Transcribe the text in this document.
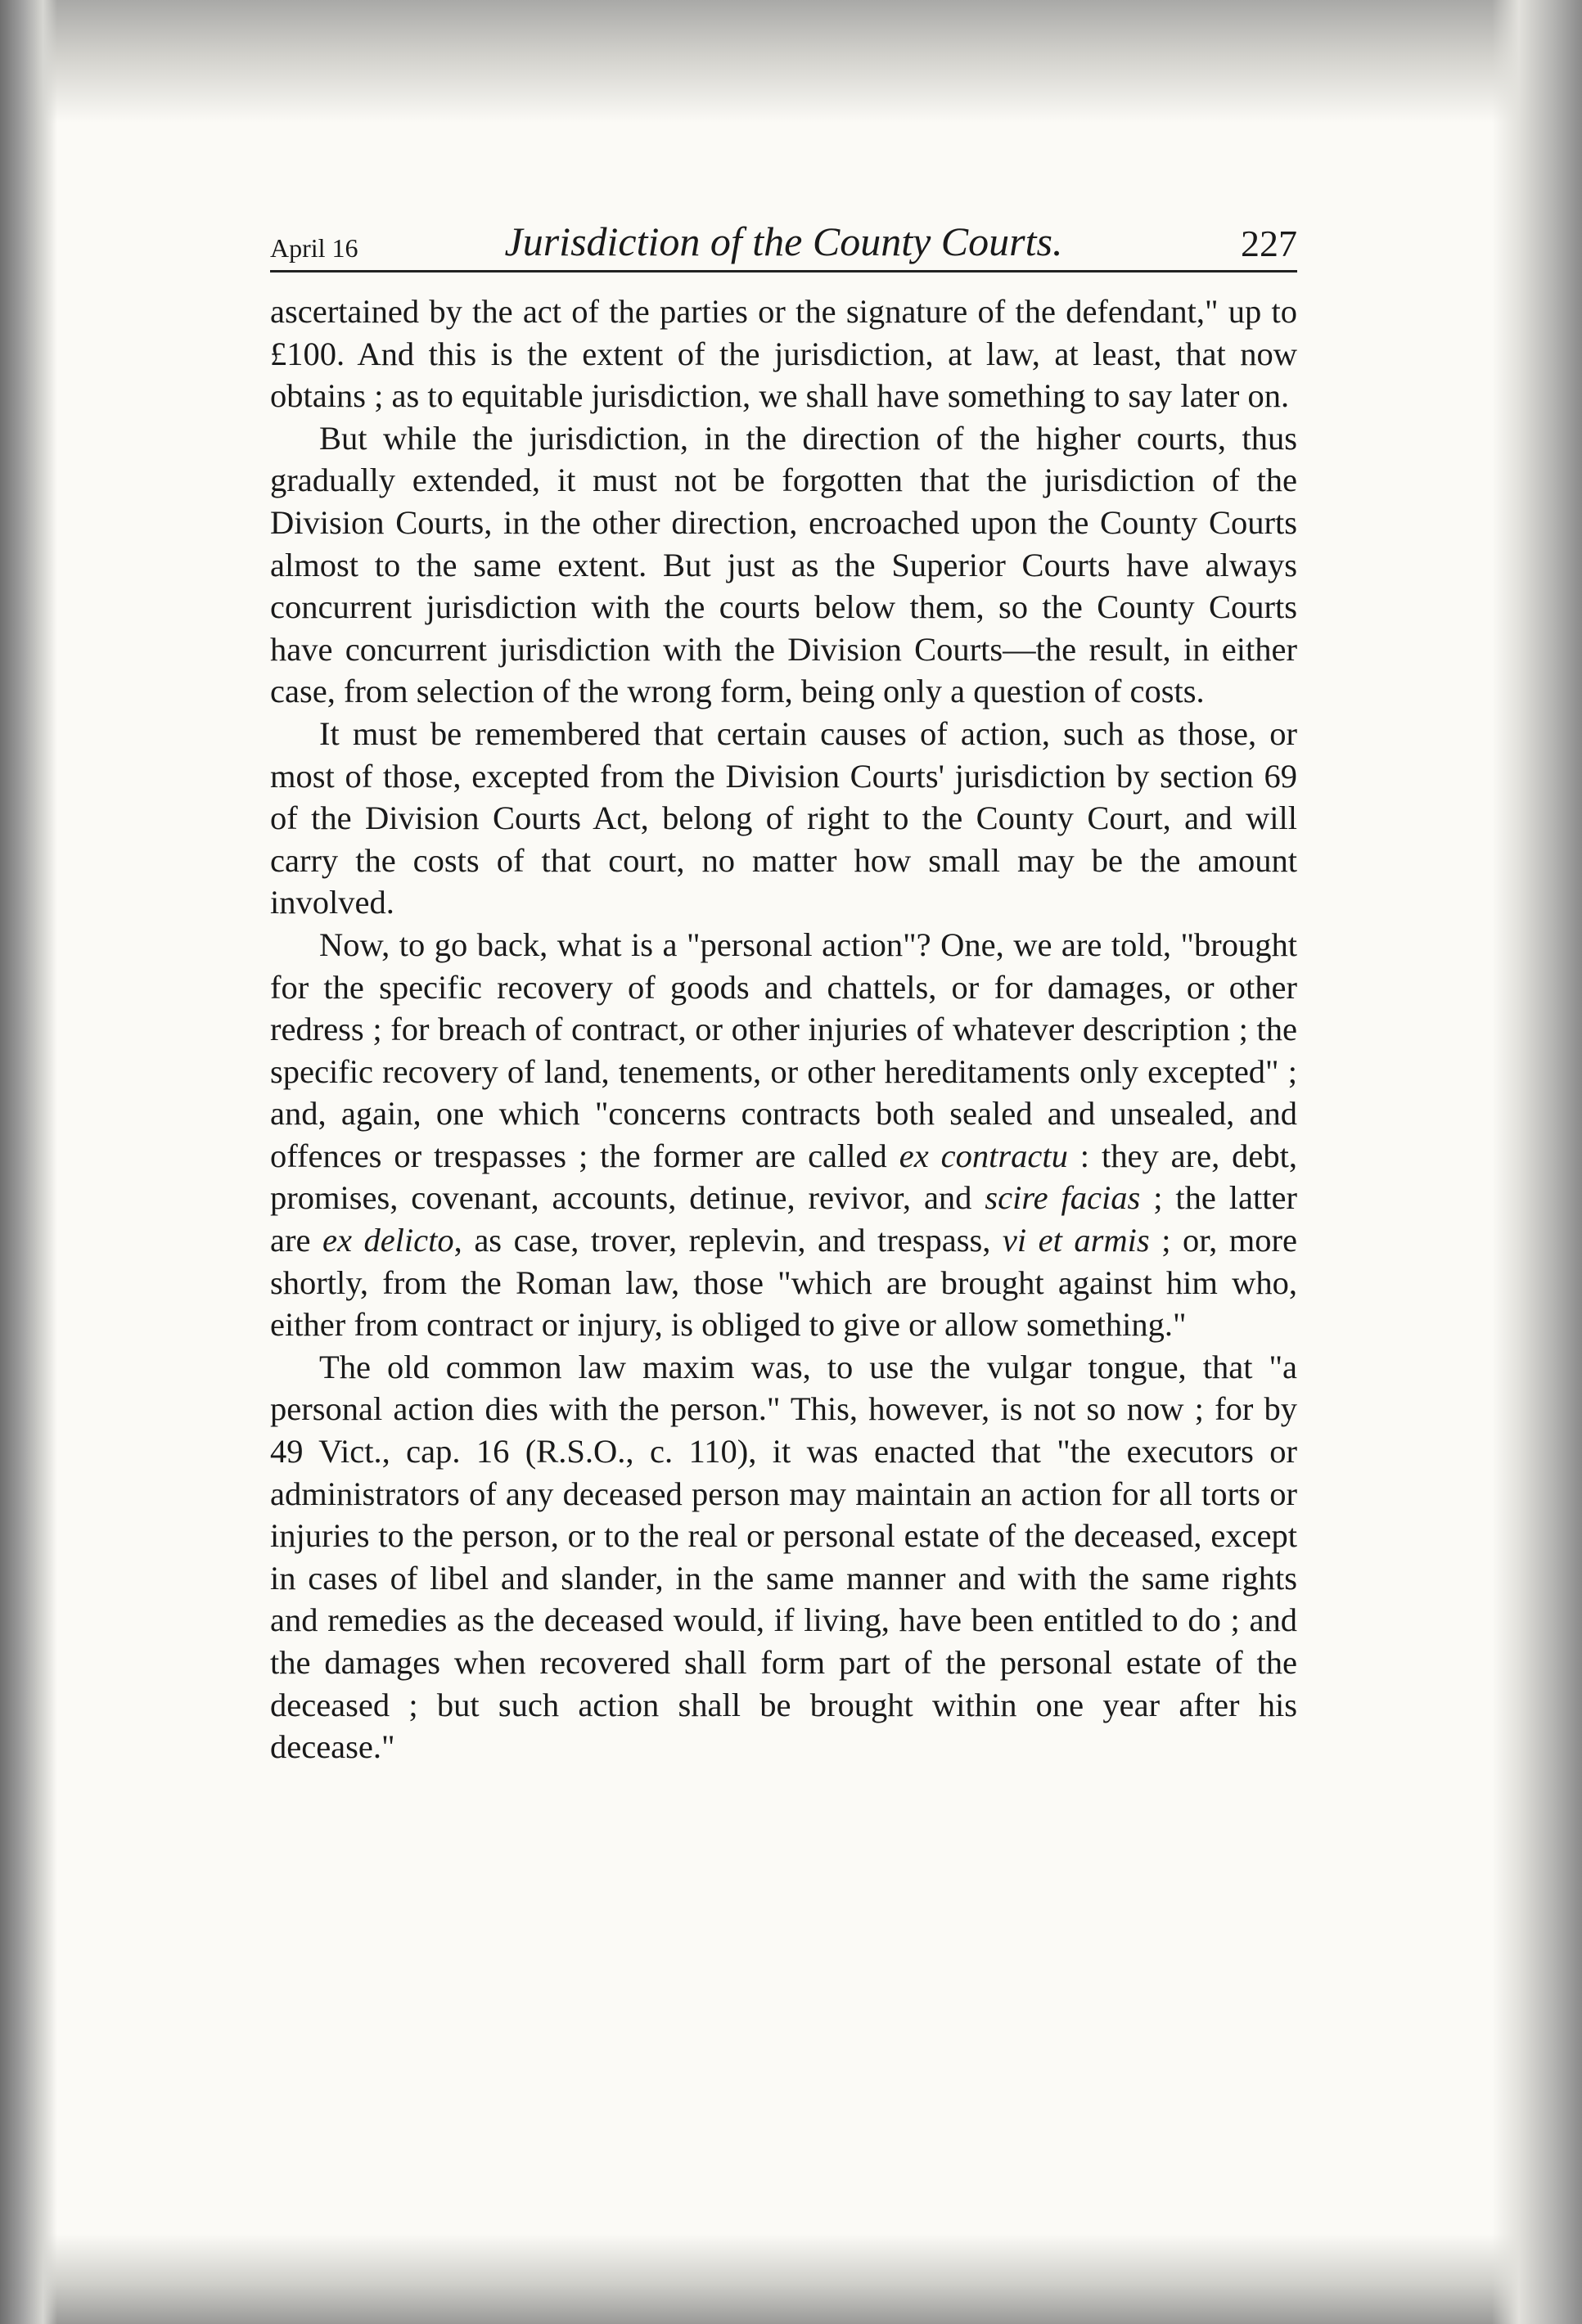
April 16	Jurisdiction of the County Courts.	227

ascertained by the act of the parties or the signature of the defendant," up to £100. And this is the extent of the jurisdiction, at law, at least, that now obtains ; as to equitable jurisdiction, we shall have something to say later on.

But while the jurisdiction, in the direction of the higher courts, thus gradually extended, it must not be forgotten that the jurisdiction of the Division Courts, in the other direction, encroached upon the County Courts almost to the same extent. But just as the Superior Courts have always concurrent jurisdiction with the courts below them, so the County Courts have concurrent jurisdiction with the Division Courts—the result, in either case, from selection of the wrong form, being only a question of costs.

It must be remembered that certain causes of action, such as those, or most of those, excepted from the Division Courts' jurisdiction by section 69 of the Division Courts Act, belong of right to the County Court, and will carry the costs of that court, no matter how small may be the amount involved.

Now, to go back, what is a "personal action"? One, we are told, "brought for the specific recovery of goods and chattels, or for damages, or other redress ; for breach of contract, or other injuries of whatever description ; the specific recovery of land, tenements, or other hereditaments only excepted" ; and, again, one which "concerns contracts both sealed and unsealed, and offences or trespasses ; the former are called ex contractu : they are, debt, promises, covenant, accounts, detinue, revivor, and scire facias ; the latter are ex delicto, as case, trover, replevin, and trespass, vi et armis ; or, more shortly, from the Roman law, those "which are brought against him who, either from contract or injury, is obliged to give or allow something."

The old common law maxim was, to use the vulgar tongue, that "a personal action dies with the person." This, however, is not so now ; for by 49 Vict., cap. 16 (R.S.O., c. 110), it was enacted that "the executors or administrators of any deceased person may maintain an action for all torts or injuries to the person, or to the real or personal estate of the deceased, except in cases of libel and slander, in the same manner and with the same rights and remedies as the deceased would, if living, have been entitled to do ; and the damages when recovered shall form part of the personal estate of the deceased ; but such action shall be brought within one year after his decease."
